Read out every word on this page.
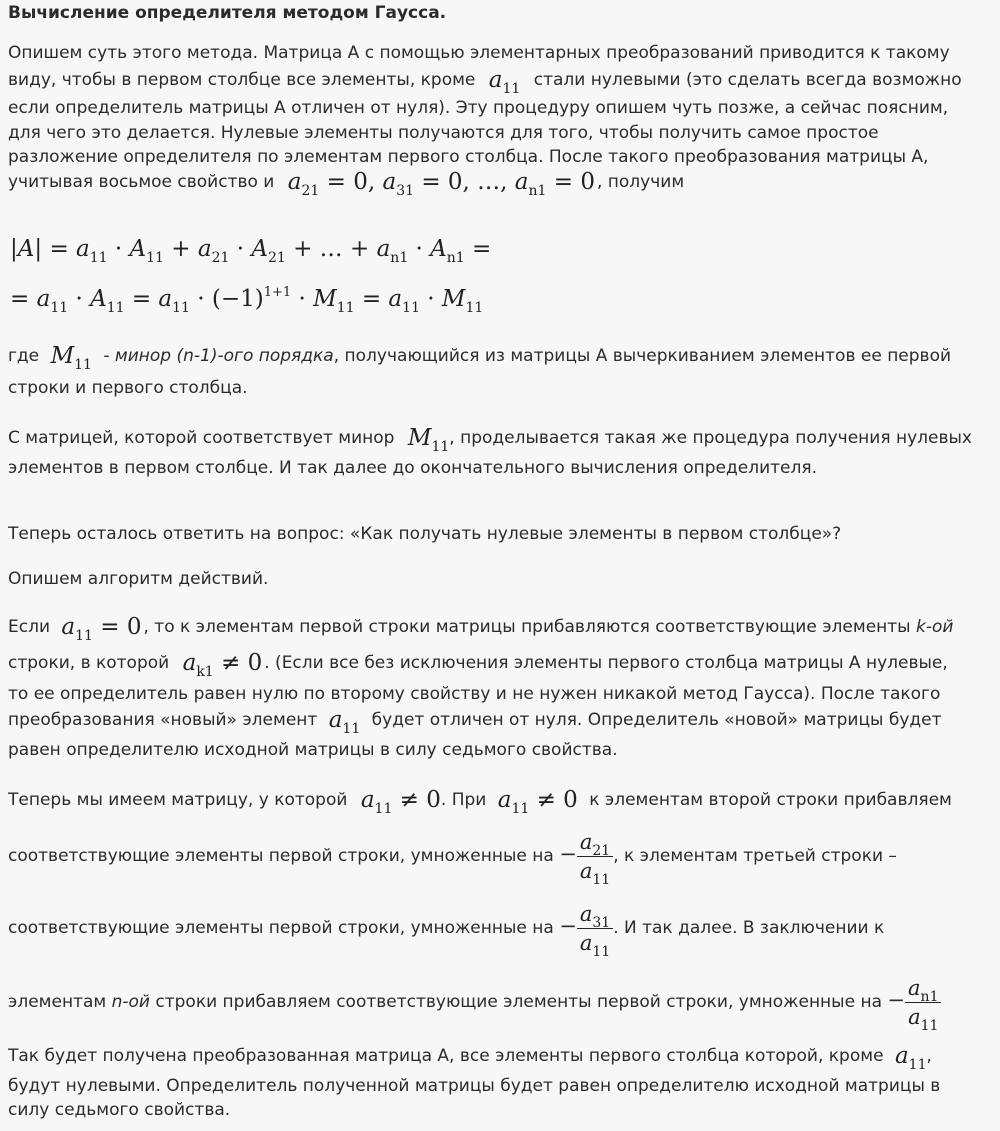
Вычисление определителя методом Гаусса.
Опишем суть этого метода. Матрица A с помощью элементарных преобразований приводится к такому
виду, чтобы в первом столбце все элементы, кроме $a_{11}$ стали нулевыми (это сделать всегда возможно
если определитель матрицы A отличен от нуля). Эту процедуру опишем чуть позже, а сейчас поясним,
для чего это делается. Нулевые элементы получаются для того, чтобы получить самое простое
разложение определителя по элементам первого столбца. После такого преобразования матрицы A,
учитывая восьмое свойство и $a_{21} = 0$, $a_{31} = 0$, …, $a_{n1} = 0$ , получим
$|A| = a_{11} \cdot A_{11} + a_{21} \cdot A_{21}$ + … + $a_{n1} \cdot A_{n1}$ =
= $a_{11} \cdot A_{11} = a_{11} \cdot (-1)^{1+1} \cdot M_{11} = a_{11} \cdot M_{11}$
где $M_{11}$ - минор (n-1)-ого порядка, получающийся из матрицы A вычеркиванием элементов ее первой
строки и первого столбца.
С матрицей, которой соответствует минор $M_{11}$, проделывается такая же процедура получения нулевых
элементов в первом столбце. И так далее до окончательного вычисления определителя.
Теперь осталось ответить на вопрос: «Как получать нулевые элементы в первом столбце»?
Опишем алгоритм действий.
Если $a_{11} = 0$ , то к элементам первой строки матрицы прибавляются соответствующие элементы k-ой
строки, в которой $a_{k1} \ne 0$ . (Если все без исключения элементы первого столбца матрицы A нулевые,
то ее определитель равен нулю по второму свойству и не нужен никакой метод Гаусса). После такого
преобразования «новый» элемент $a_{11}$ будет отличен от нуля. Определитель «новой» матрицы будет
равен определителю исходной матрицы в силу седьмого свойства.
Теперь мы имеем матрицу, у которой $a_{11} \ne 0$. При $a_{11} \ne 0$ к элементам второй строки прибавляем
соответствующие элементы первой строки, умноженные на − $\frac{a_{21}}{a_{11}}$ , к элементам третьей строки –
соответствующие элементы первой строки, умноженные на − $\frac{a_{31}}{a_{11}}$ . И так далее. В заключении к
элементам n-ой строки прибавляем соответствующие элементы первой строки, умноженные на − $\frac{a_{n1}}{a_{11}}$
Так будет получена преобразованная матрица A, все элементы первого столбца которой, кроме $a_{11}$,
будут нулевыми. Определитель полученной матрицы будет равен определителю исходной матрицы в
силу седьмого свойства.
